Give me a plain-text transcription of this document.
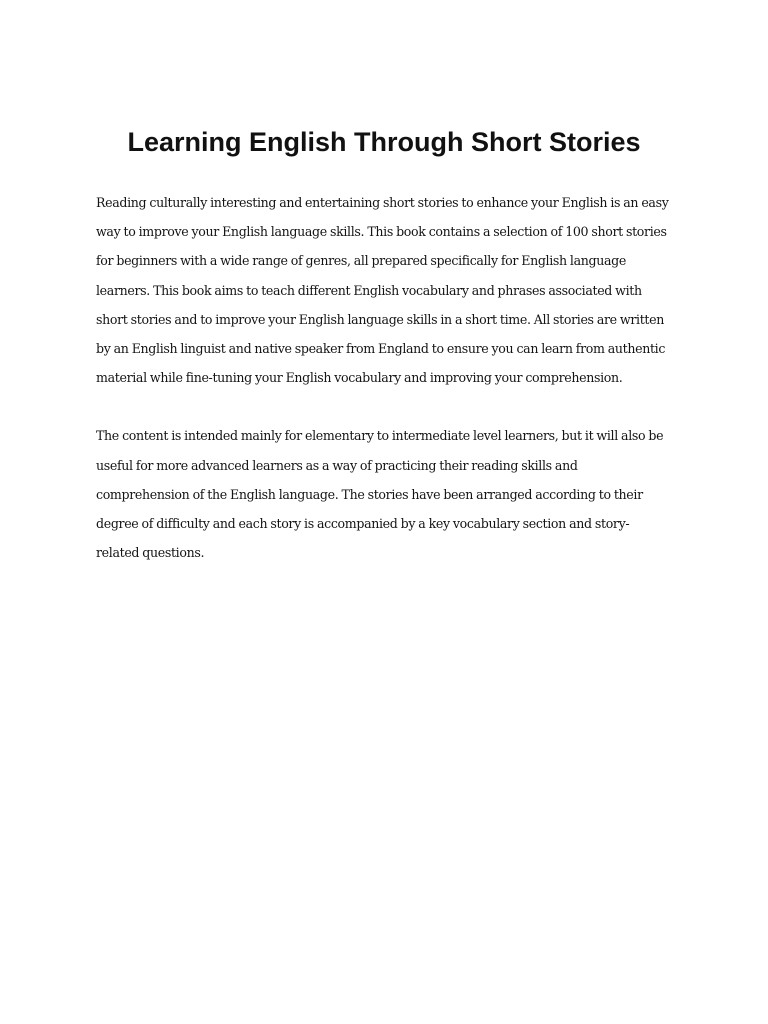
Learning English Through Short Stories

Reading culturally interesting and entertaining short stories to enhance your English is an easy way to improve your English language skills. This book contains a selection of 100 short stories for beginners with a wide range of genres, all prepared specifically for English language learners. This book aims to teach different English vocabulary and phrases associated with short stories and to improve your English language skills in a short time. All stories are written by an English linguist and native speaker from England to ensure you can learn from authentic material while fine-tuning your English vocabulary and improving your comprehension.

The content is intended mainly for elementary to intermediate level learners, but it will also be useful for more advanced learners as a way of practicing their reading skills and comprehension of the English language. The stories have been arranged according to their degree of difficulty and each story is accompanied by a key vocabulary section and story-related questions.
